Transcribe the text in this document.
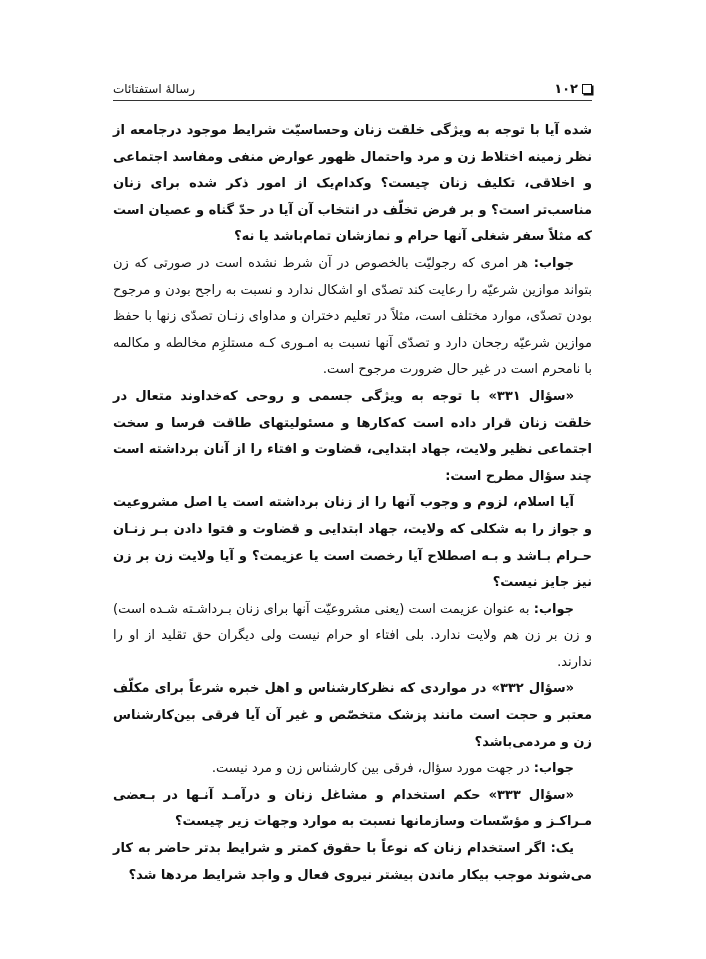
۱۰۲
رسالهٔ استفتائات

شده آیا با توجه به ویژگی خلقت زنان وحساسیّت شرایط موجود درجامعه از نظر زمینه اختلاط زن و مرد واحتمال ظهور عوارض منفی ومفاسد اجتماعی و اخلاقی، تکلیف زنان چیست؟ وکدام‌یک از امور ذکر شده برای زنان مناسب‌تر است؟ و بر فرض تخلّف در انتخاب آن آیا در حدّ گناه و عصیان است که مثلاً سفر شغلی آنها حرام و نمازشان تمام‌باشد یا نه؟

جواب: هر امری که رجولیّت بالخصوص در آن شرط نشده است در صورتی که زن بتواند موازین شرعیّه را رعایت کند تصدّی او اشکال ندارد و نسبت به راجح بودن و مرجوح بودن تصدّی، موارد مختلف است، مثلاً در تعلیم دختران و مداوای زنـان تصدّی زنها با حفظ موازین شرعیّه رجحان دارد و تصدّی آنها نسبت به امـوری کـه مستلزِم مخالطه و مکالمه با نامحرم است در غیر حال ضرورت مرجوح است.

«سؤال ۳۳۱» با توجه به ویژگی جسمی و روحی که‌خداوند متعال در خلقت زنان قرار داده است که‌کارها و مسئولیتهای طاقت فرسا و سخت اجتماعی نظیر ولایت، جهاد ابتدایی، قضاوت و افتاء را از آنان برداشته است چند سؤال مطرح است:

آیا اسلام، لزوم و وجوب آنها را از زنان برداشته است یا اصل مشروعیت و جواز را به شکلی که ولایت، جهاد ابتدایی و قضاوت و فتوا دادن بـر زنـان حـرام بـاشد و بـه اصطلاح آیا رخصت است یا عزیمت؟ و آیا ولایت زن بر زن نیز جایز نیست؟

جواب: به عنوان عزیمت است (یعنی مشروعیّت آنها برای زنان بـرداشـته شـده است) و زن بر زن هم ولایت ندارد. بلی افتاء او حرام نیست ولی دیگران حق تقلید از او را ندارند.

«سؤال ۳۳۲» در مواردی که نظرکارشناس و اهل خبره شرعاً برای مکلّف معتبر و حجت است مانند پزشک متخصّص و غیر آن آیا فرقی بین‌کارشناس زن و مردمی‌باشد؟

جواب: در جهت مورد سؤال، فرقی بین کارشناس زن و مرد نیست.

«سؤال ۳۳۳» حکم استخدام و مشاغل زنان و درآمـد آنـها در بـعضی مـراکـز و مؤسّسات وسازمانها نسبت به موارد وجهات زیر چیست؟

یک: اگر استخدام زنان که نوعاً با حقوق کمتر و شرایط بدتر حاضر به کار می‌شوند موجب بیکار ماندن بیشتر نیروی فعال و واجد شرایط مردها شد؟
